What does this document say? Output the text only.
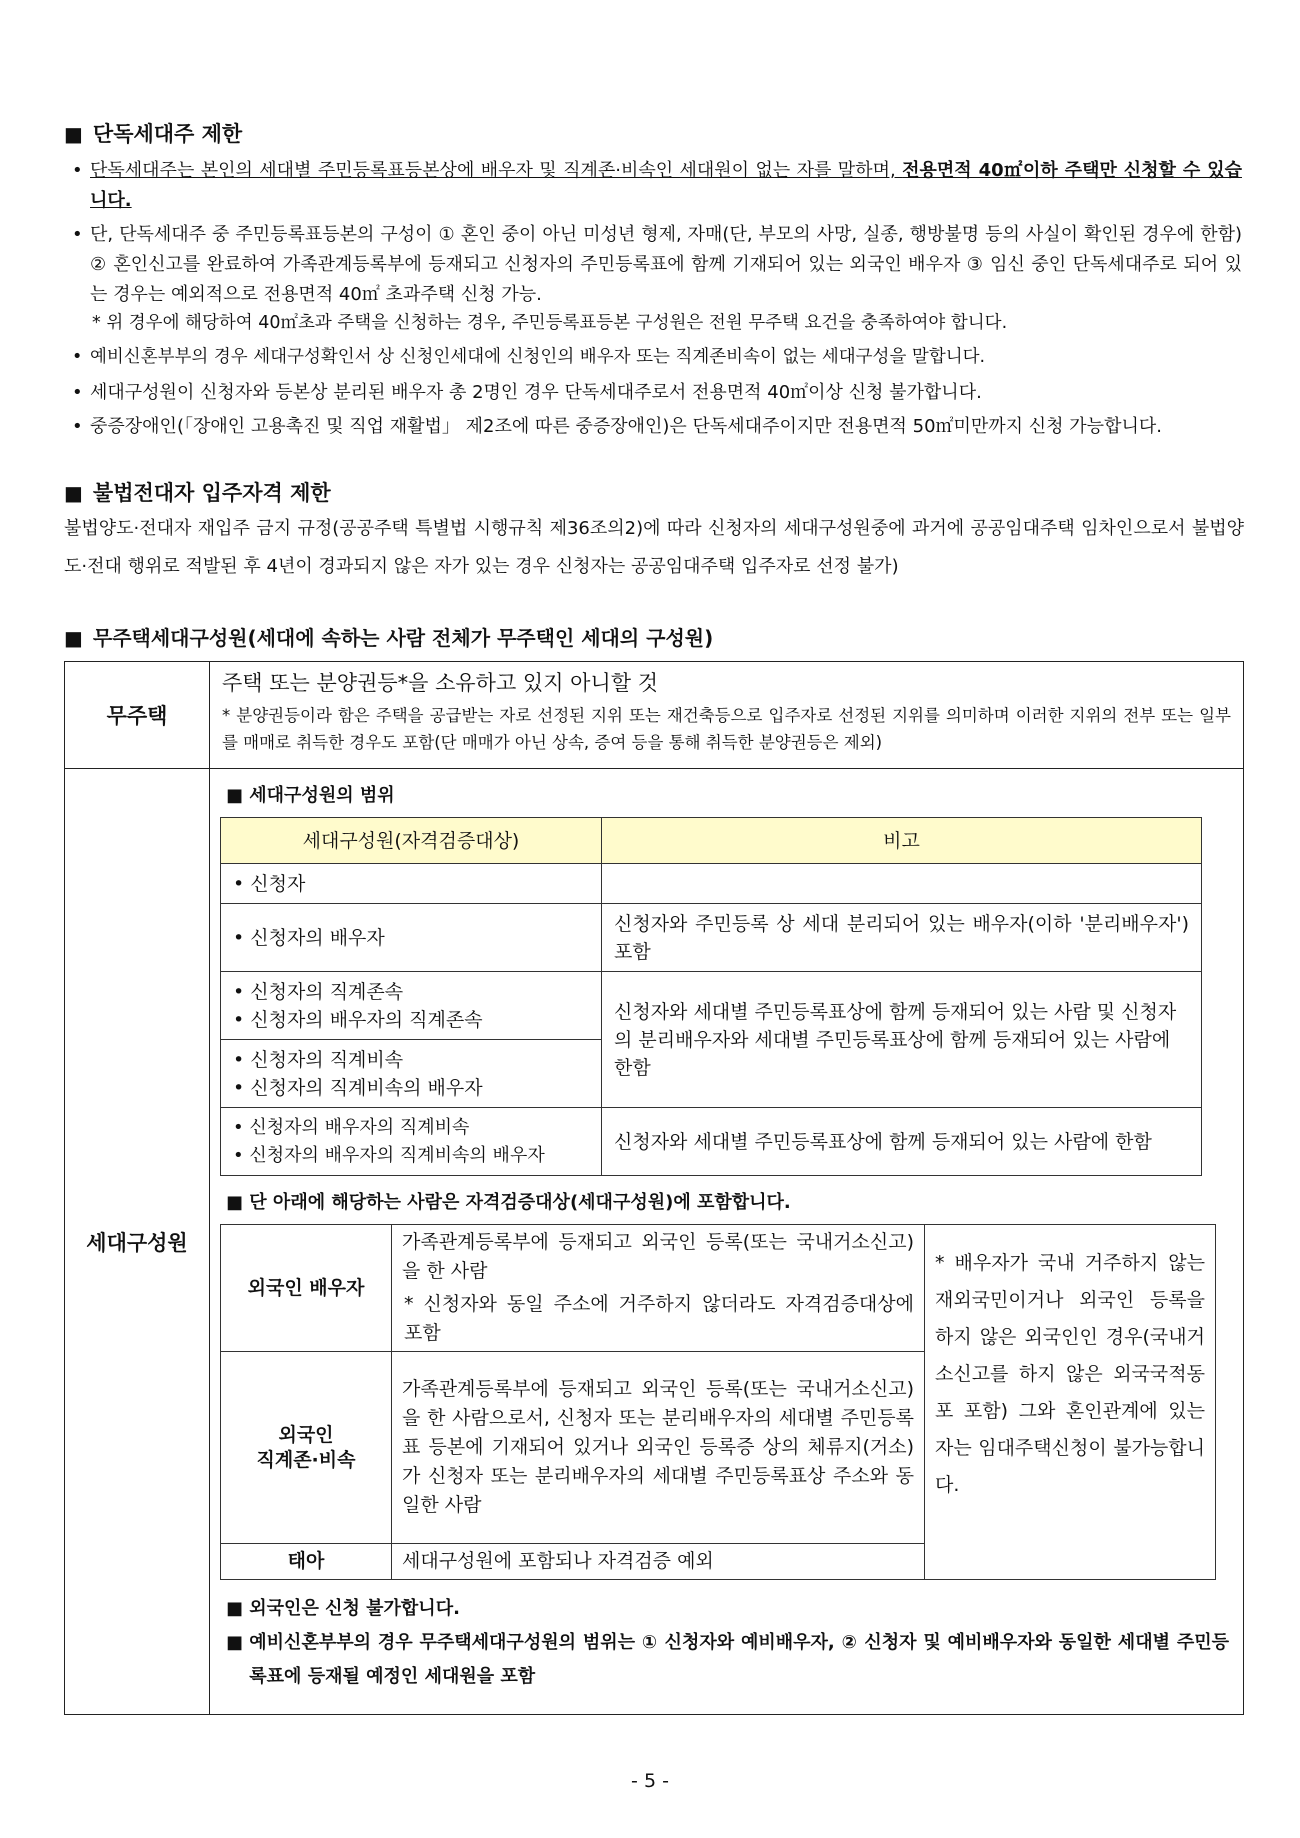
■ 단독세대주 제한
• 단독세대주는 본인의 세대별 주민등록표등본상에 배우자 및 직계존·비속인 세대원이 없는 자를 말하며, 전용면적 40㎡이하 주택만 신청할 수 있습니다.
• 단, 단독세대주 중 주민등록표등본의 구성이 ① 혼인 중이 아닌 미성년 형제, 자매(단, 부모의 사망, 실종, 행방불명 등의 사실이 확인된 경우에 한함) ② 혼인신고를 완료하여 가족관계등록부에 등재되고 신청자의 주민등록표에 함께 기재되어 있는 외국인 배우자 ③ 임신 중인 단독세대주로 되어 있는 경우는 예외적으로 전용면적 40㎡ 초과주택 신청 가능.
* 위 경우에 해당하여 40㎡초과 주택을 신청하는 경우, 주민등록표등본 구성원은 전원 무주택 요건을 충족하여야 합니다.
• 예비신혼부부의 경우 세대구성확인서 상 신청인세대에 신청인의 배우자 또는 직계존비속이 없는 세대구성을 말합니다.
• 세대구성원이 신청자와 등본상 분리된 배우자 총 2명인 경우 단독세대주로서 전용면적 40㎡이상 신청 불가합니다.
• 중증장애인(「장애인 고용촉진 및 직업 재활법」 제2조에 따른 중증장애인)은 단독세대주이지만 전용면적 50㎡미만까지 신청 가능합니다.
■ 불법전대자 입주자격 제한
불법양도·전대자 재입주 금지 규정(공공주택 특별법 시행규칙 제36조의2)에 따라 신청자의 세대구성원중에 과거에 공공임대주택 임차인으로서 불법양도·전대 행위로 적발된 후 4년이 경과되지 않은 자가 있는 경우 신청자는 공공임대주택 입주자로 선정 불가)
■ 무주택세대구성원(세대에 속하는 사람 전체가 무주택인 세대의 구성원)
무주택	
주택 또는 분양권등*을 소유하고 있지 아니할 것
* 분양권등이라 함은 주택을 공급받는 자로 선정된 지위 또는 재건축등으로 입주자로 선정된 지위를 의미하며 이러한 지위의 전부 또는 일부를 매매로 취득한 경우도 포함(단 매매가 아닌 상속, 증여 등을 통해 취득한 분양권등은 제외)

세대구성원	
■ 세대구성원의 범위
세대구성원(자격검증대상)	비고
• 신청자	
• 신청자의 배우자	신청자와 주민등록 상 세대 분리되어 있는 배우자(이하 '분리배우자') 포함

• 신청자의 직계존속
• 신청자의 배우자의 직계존속	신청자와 세대별 주민등록표상에 함께 등재되어 있는 사람 및 신청자의 분리배우자와 세대별 주민등록표상에 함께 등재되어 있는 사람에 한함

• 신청자의 직계비속
• 신청자의 직계비속의 배우자

• 신청자의 배우자의 직계비속
• 신청자의 배우자의 직계비속의 배우자
	신청자와 세대별 주민등록표상에 함께 등재되어 있는 사람에 한함
■ 단 아래에 해당하는 사람은 자격검증대상(세대구성원)에 포함합니다.
외국인 배우자	
가족관계등록부에 등재되고 외국인 등록(또는 국내거소신고)을 한 사람
* 신청자와 동일 주소에 거주하지 않더라도 자격검증대상에 포함
	* 배우자가 국내 거주하지 않는 재외국민이거나 외국인 등록을 하지 않은 외국인인 경우(국내거소신고를 하지 않은 외국국적동포 포함) 그와 혼인관계에 있는 자는 임대주택신청이 불가능합니다.

외국인
직계존·비속
	가족관계등록부에 등재되고 외국인 등록(또는 국내거소신고)을 한 사람으로서, 신청자 또는 분리배우자의 세대별 주민등록표 등본에 기재되어 있거나 외국인 등록증 상의 체류지(거소)가 신청자 또는 분리배우자의 세대별 주민등록표상 주소와 동일한 사람
태아	세대구성원에 포함되나 자격검증 예외
■ 외국인은 신청 불가합니다.
■ 예비신혼부부의 경우 무주택세대구성원의 범위는 ① 신청자와 예비배우자, ② 신청자 및 예비배우자와 동일한 세대별 주민등록표에 등재될 예정인 세대원을 포함
- 5 -
